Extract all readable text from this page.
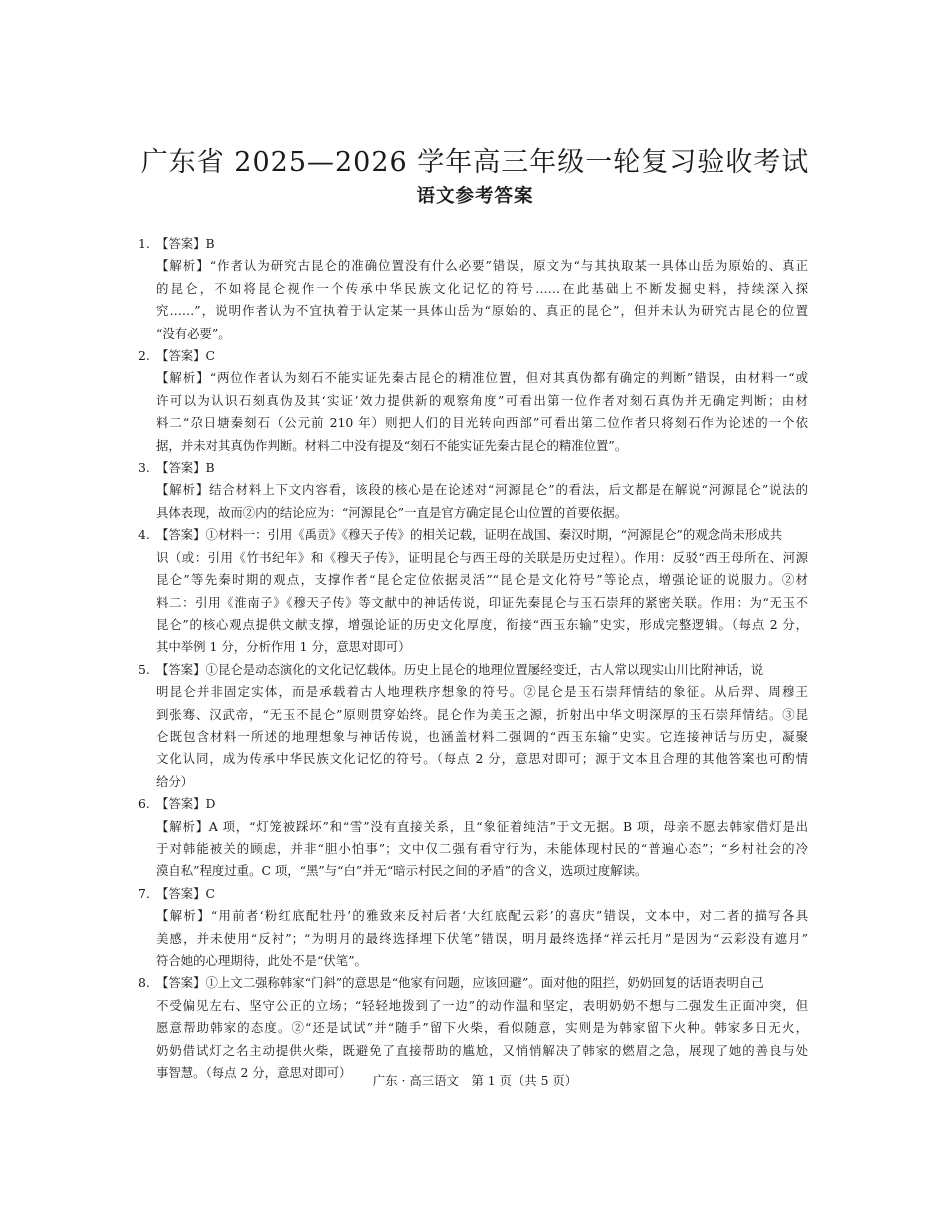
广东省 2025—2026 学年高三年级一轮复习验收考试
语文参考答案
1. 【答案】B
【解析】“作者认为研究古昆仑的准确位置没有什么必要”错误，原文为“与其执取某一具体山岳为原始的、真正
的昆仑，不如将昆仑视作一个传承中华民族文化记忆的符号……在此基础上不断发掘史料，持续深入探
究……”，说明作者认为不宜执着于认定某一具体山岳为“原始的、真正的昆仑”，但并未认为研究古昆仑的位置
“没有必要”。
2. 【答案】C
【解析】“两位作者认为刻石不能实证先秦古昆仑的精准位置，但对其真伪都有确定的判断”错误，由材料一“或
许可以为认识石刻真伪及其‘实证’效力提供新的观察角度”可看出第一位作者对刻石真伪并无确定判断；由材
料二“尕日塘秦刻石（公元前 210 年）则把人们的目光转向西部”可看出第二位作者只将刻石作为论述的一个依
据，并未对其真伪作判断。材料二中没有提及“刻石不能实证先秦古昆仑的精准位置”。
3. 【答案】B
【解析】结合材料上下文内容看，该段的核心是在论述对“河源昆仑”的看法，后文都是在解说“河源昆仑”说法的
具体表现，故而②内的结论应为：“河源昆仑”一直是官方确定昆仑山位置的首要依据。
4. 【答案】①材料一：引用《禹贡》《穆天子传》的相关记载，证明在战国、秦汉时期，“河源昆仑”的观念尚未形成共
识（或：引用《竹书纪年》和《穆天子传》，证明昆仑与西王母的关联是历史过程）。作用：反驳“西王母所在、河源
昆仑”等先秦时期的观点，支撑作者“昆仑定位依据灵活”“昆仑是文化符号”等论点，增强论证的说服力。②材
料二：引用《淮南子》《穆天子传》等文献中的神话传说，印证先秦昆仑与玉石崇拜的紧密关联。作用：为“无玉不
昆仑”的核心观点提供文献支撑，增强论证的历史文化厚度，衔接“西玉东输”史实，形成完整逻辑。（每点 2 分，
其中举例 1 分，分析作用 1 分，意思对即可）
5. 【答案】①昆仑是动态演化的文化记忆载体。历史上昆仑的地理位置屡经变迁，古人常以现实山川比附神话，说
明昆仑并非固定实体，而是承载着古人地理秩序想象的符号。②昆仑是玉石崇拜情结的象征。从后羿、周穆王
到张骞、汉武帝，“无玉不昆仑”原则贯穿始终。昆仑作为美玉之源，折射出中华文明深厚的玉石崇拜情结。③昆
仑既包含材料一所述的地理想象与神话传说，也涵盖材料二强调的“西玉东输”史实。它连接神话与历史，凝聚
文化认同，成为传承中华民族文化记忆的符号。（每点 2 分，意思对即可；源于文本且合理的其他答案也可酌情
给分）
6. 【答案】D
【解析】A 项，“灯笼被踩坏”和“雪”没有直接关系，且“象征着纯洁”于文无据。B 项，母亲不愿去韩家借灯是出
于对韩能被关的顾虑，并非“胆小怕事”；文中仅二强有看守行为，未能体现村民的“普遍心态”；“乡村社会的冷
漠自私”程度过重。C 项，“黑”与“白”并无“暗示村民之间的矛盾”的含义，选项过度解读。
7. 【答案】C
【解析】“用前者‘粉红底配牡丹’的雅致来反衬后者‘大红底配云彩’的喜庆”错误，文本中，对二者的描写各具
美感，并未使用“反衬”；“为明月的最终选择埋下伏笔”错误，明月最终选择“祥云托月”是因为“云彩没有遮月”
符合她的心理期待，此处不是“伏笔”。
8. 【答案】①上文二强称韩家“门斜”的意思是“他家有问题，应该回避”。面对他的阻拦，奶奶回复的话语表明自己
不受偏见左右、坚守公正的立场；“轻轻地拨到了一边”的动作温和坚定，表明奶奶不想与二强发生正面冲突，但
愿意帮助韩家的态度。②“还是试试”并“随手”留下火柴，看似随意，实则是为韩家留下火种。韩家多日无火，
奶奶借试灯之名主动提供火柴，既避免了直接帮助的尴尬，又悄悄解决了韩家的燃眉之急，展现了她的善良与处
事智慧。（每点 2 分，意思对即可）
广东 · 高三语文　第 1 页（共 5 页）
